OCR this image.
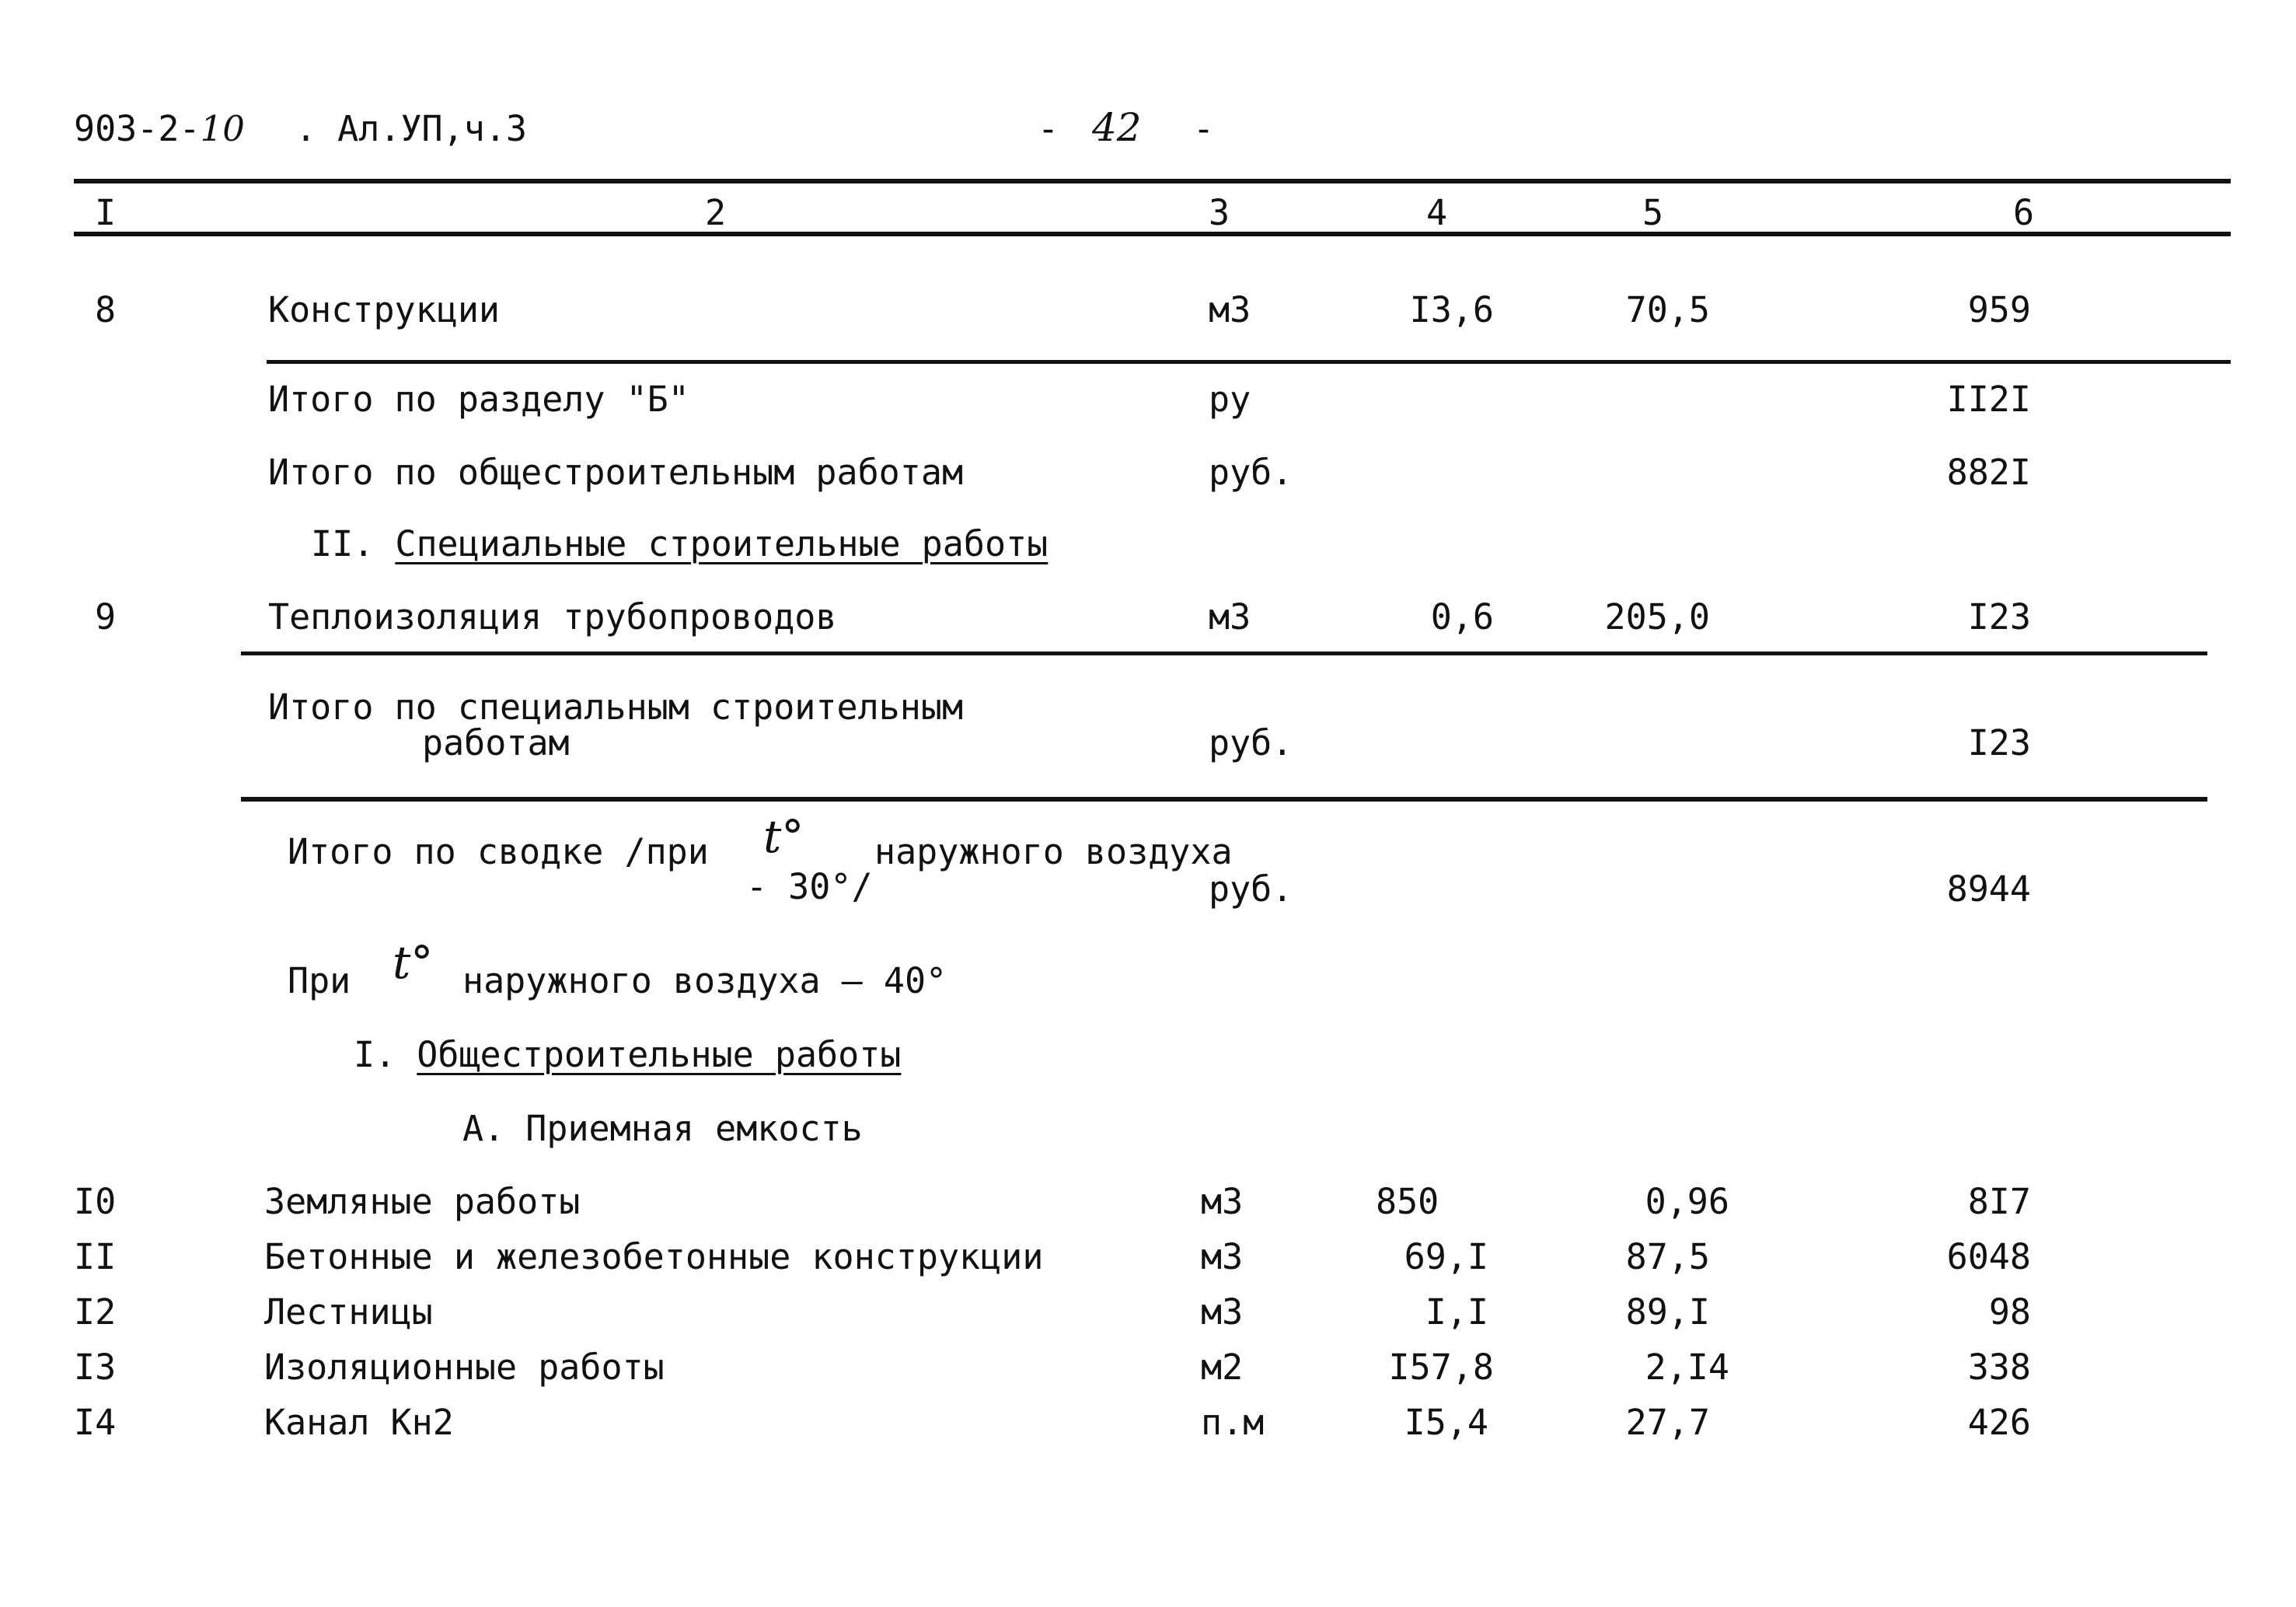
903-2-10 . Ал.УП,ч.3	- 42 -
I	2	3	4	5	6
8	Конструкции	м3	I3,6	70,5	959
Итого по разделу "Б"	ру	II2I
Итого по общестроительным работам	руб.	882I
II. Специальные строительные работы
9	Теплоизоляция трубопроводов	м3	0,6	205,0	I23
Итого по специальным строительным
работам	руб.	I23
Итого по сводке /при t° наружного воздуха
- 30°/	руб.	8944
При t° наружного воздуха – 40°
I. Общестроительные работы
А. Приемная емкость
I0	Земляные работы	м3	850	0,96	8I7
II	Бетонные и железобетонные конструкции	м3	69,I	87,5	6048
I2	Лестницы	м3	I,I	89,I	98
I3	Изоляционные работы	м2	I57,8	2,I4	338
I4	Канал Кн2	п.м	I5,4	27,7	426
